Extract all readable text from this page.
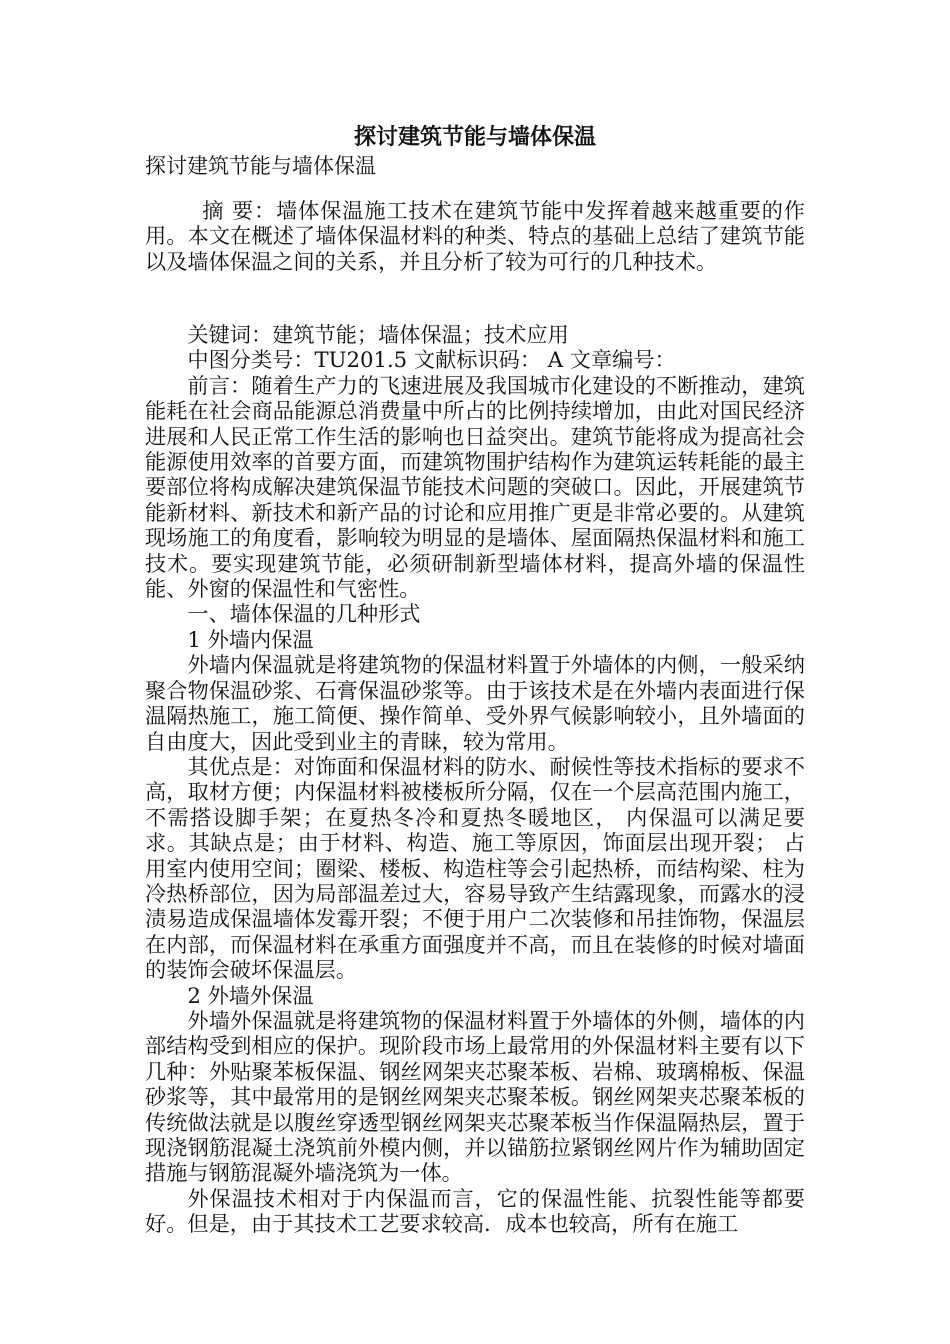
探讨建筑节能与墙体保温
探讨建筑节能与墙体保温

摘 要：墙体保温施工技术在建筑节能中发挥着越来越重要的作用。本文在概述了墙体保温材料的种类、特点的基础上总结了建筑节能以及墙体保温之间的关系，并且分析了较为可行的几种技术。

关键词：建筑节能；墙体保温；技术应用

中图分类号：TU201.5 文献标识码： A 文章编号：

前言：随着生产力的飞速进展及我国城市化建设的不断推动，建筑能耗在社会商品能源总消费量中所占的比例持续增加，由此对国民经济进展和人民正常工作生活的影响也日益突出。建筑节能将成为提高社会能源使用效率的首要方面，而建筑物围护结构作为建筑运转耗能的最主要部位将构成解决建筑保温节能技术问题的突破口。因此，开展建筑节能新材料、新技术和新产品的讨论和应用推广更是非常必要的。从建筑现场施工的角度看，影响较为明显的是墙体、屋面隔热保温材料和施工技术。要实现建筑节能，必须研制新型墙体材料，提高外墙的保温性能、外窗的保温性和气密性。

一、墙体保温的几种形式

1 外墙内保温

外墙内保温就是将建筑物的保温材料置于外墙体的内侧，一般采纳聚合物保温砂浆、石膏保温砂浆等。由于该技术是在外墙内表面进行保温隔热施工，施工简便、操作简单、受外界气候影响较小，且外墙面的自由度大，因此受到业主的青睐，较为常用。

其优点是：对饰面和保温材料的防水、耐候性等技术指标的要求不高，取材方便；内保温材料被楼板所分隔，仅在一个层高范围内施工，不需搭设脚手架；在夏热冬冷和夏热冬暖地区， 内保温可以满足要求。其缺点是；由于材料、构造、施工等原因，饰面层出现开裂； 占用室内使用空间；圈梁、楼板、构造柱等会引起热桥，而结构梁、柱为冷热桥部位，因为局部温差过大，容易导致产生结露现象，而露水的浸渍易造成保温墙体发霉开裂；不便于用户二次装修和吊挂饰物，保温层在内部，而保温材料在承重方面强度并不高，而且在装修的时候对墙面的装饰会破坏保温层。

2 外墙外保温

外墙外保温就是将建筑物的保温材料置于外墙体的外侧，墙体的内部结构受到相应的保护。现阶段市场上最常用的外保温材料主要有以下几种：外贴聚苯板保温、钢丝网架夹芯聚苯板、岩棉、玻璃棉板、保温砂浆等，其中最常用的是钢丝网架夹芯聚苯板。钢丝网架夹芯聚苯板的传统做法就是以腹丝穿透型钢丝网架夹芯聚苯板当作保温隔热层，置于现浇钢筋混凝土浇筑前外模内侧，并以锚筋拉紧钢丝网片作为辅助固定措施与钢筋混凝外墙浇筑为一体。

外保温技术相对于内保温而言，它的保温性能、抗裂性能等都要好。但是，由于其技术工艺要求较高．成本也较高，所有在施工
